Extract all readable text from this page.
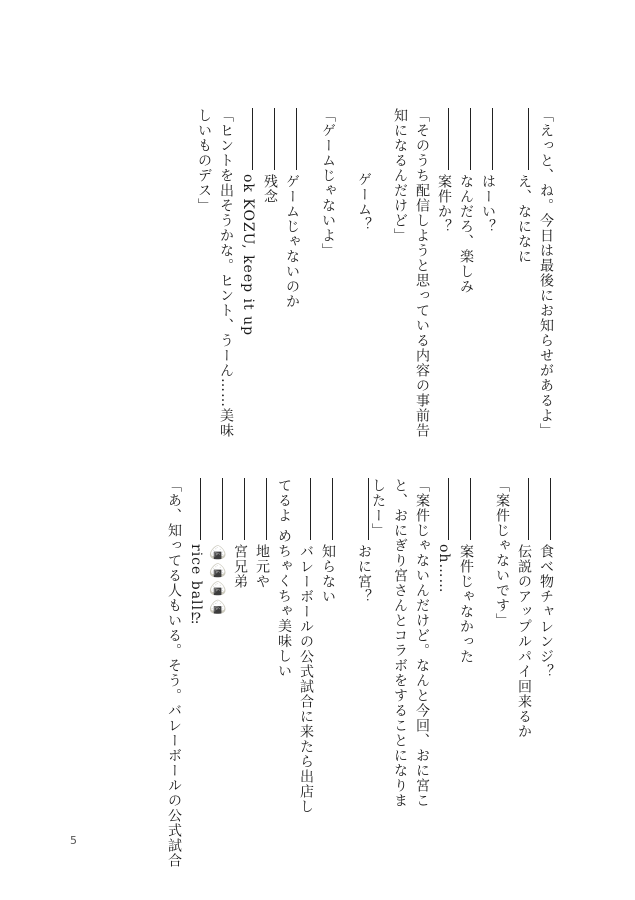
「えっと、ね。今日は最後にお知らせがあるよ」
え、なになに
はーい？
なんだろ、楽しみ
案件か？
「そのうち配信しようと思っている内容の事前告知になるんだけど」
ゲーム？
「ゲームじゃないよ」
ゲームじゃないのか
残念
ok KOZU, keep it up
「ヒントを出そうかな。ヒント、うーん……美味しいものデス」
食べ物チャレンジ？
伝説のアップルパイ回来るか
「案件じゃないです」
案件じゃなかった
oh……
「案件じゃないんだけど。なんと今回、おに宮こと、おにぎり宮さんとコラボをすることになりましたー」
おに宮？
知らない
バレーボールの公式試合に来たら出店してるよ めちゃくちゃ美味しい
地元や
宮兄弟
🍙🍙🍙🍙
rice ball⁉
「あ、知ってる人もいる。そう。バレーボールの公式試合
5
